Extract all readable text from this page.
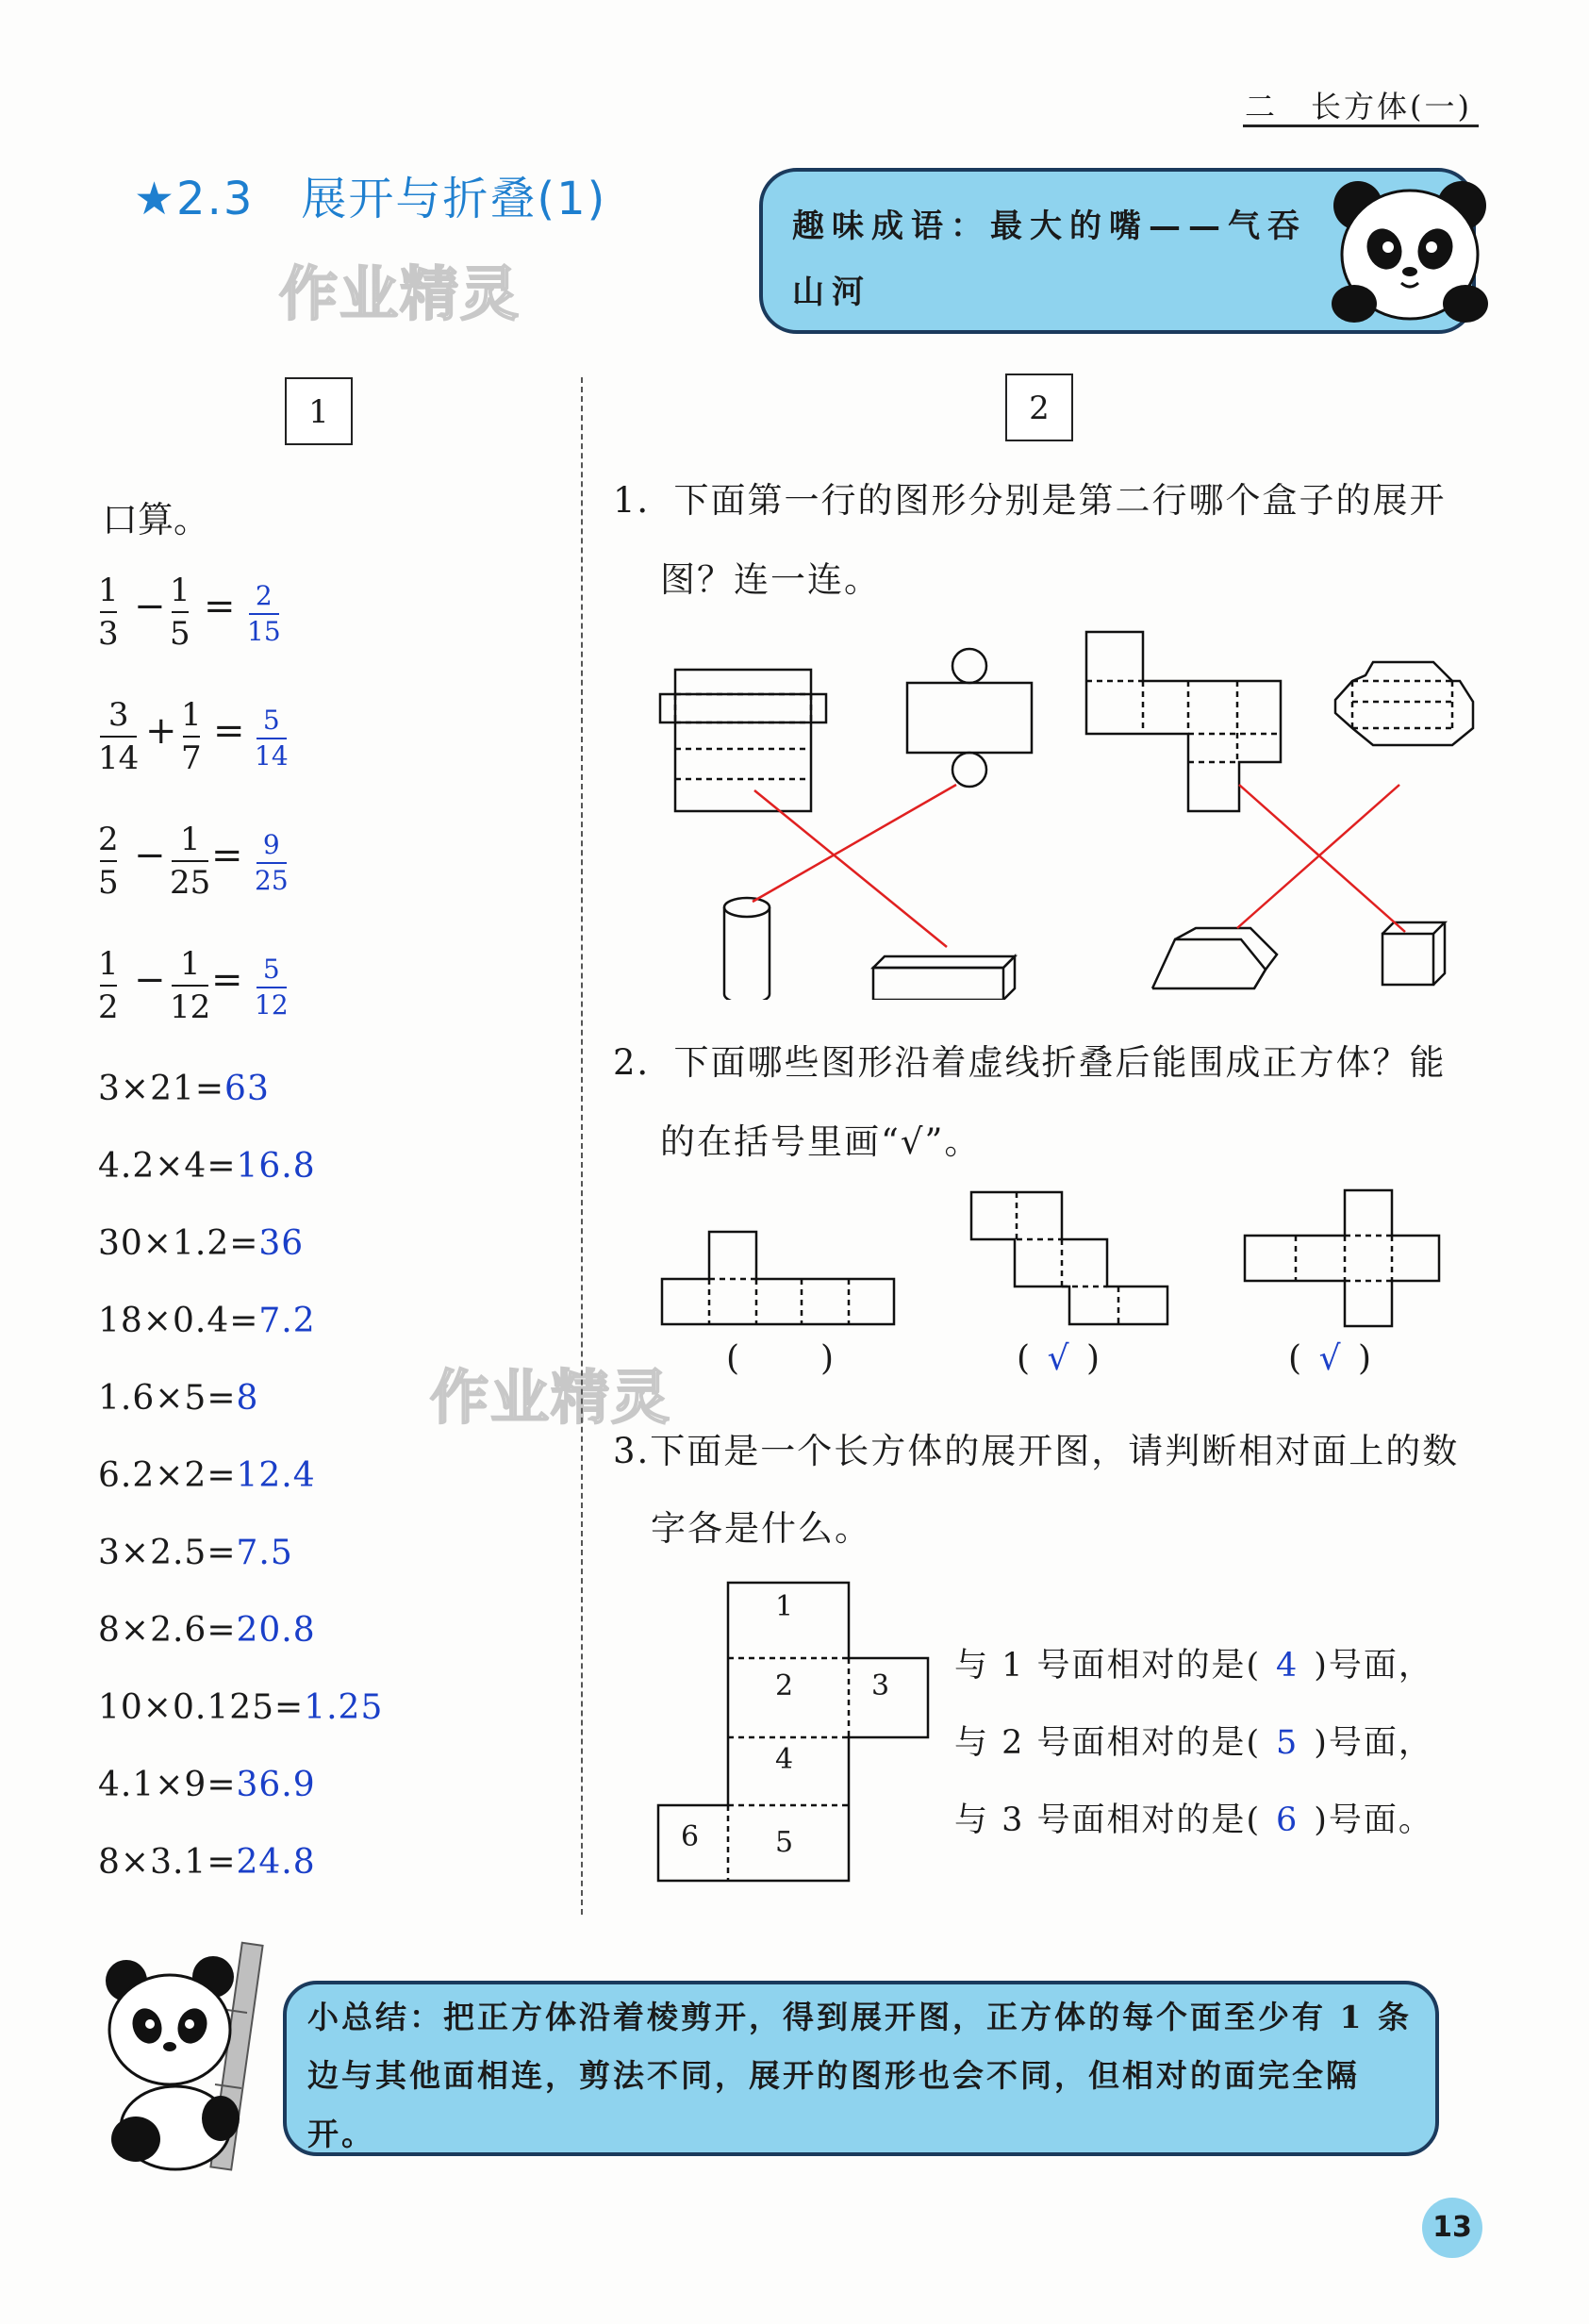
二　长方体(一)
★2.3　展开与折叠(1)
作业精灵
作业精灵
趣味成语：最大的嘴——气吞山河
1
口算。
1
3
− 1
5
= 2
15
3
14
+ 1
7
= 5
14
2
5
− 1
25
= 9
25
1
2
− 1
12
= 5
12
3×21=63
4.2×4=16.8
30×1.2=36
18×0.4=7.2
1.6×5=8
6.2×2=12.4
3×2.5=7.5
8×2.6=20.8
10×0.125=1.25
4.1×9=36.9
8×3.1=24.8
2
1．下面第一行的图形分别是第二行哪个盒子的展开
图？连一连。
2．下面哪些图形沿着虚线折叠后能围成正方体？能
的在括号里画“√”。
( )	( √ )	( √ )
3.下面是一个长方体的展开图，请判断相对面上的数
字各是什么。
1
2	3
4
5
6
与 1 号面相对的是( 4 )号面，
与 2 号面相对的是( 5 )号面，
与 3 号面相对的是( 6 )号面。
小总结：把正方体沿着棱剪开，得到展开图，正方体的每个面至少有 1 条边与其他面相连，剪法不同，展开的图形也会不同，但相对的面完全隔开。
13
